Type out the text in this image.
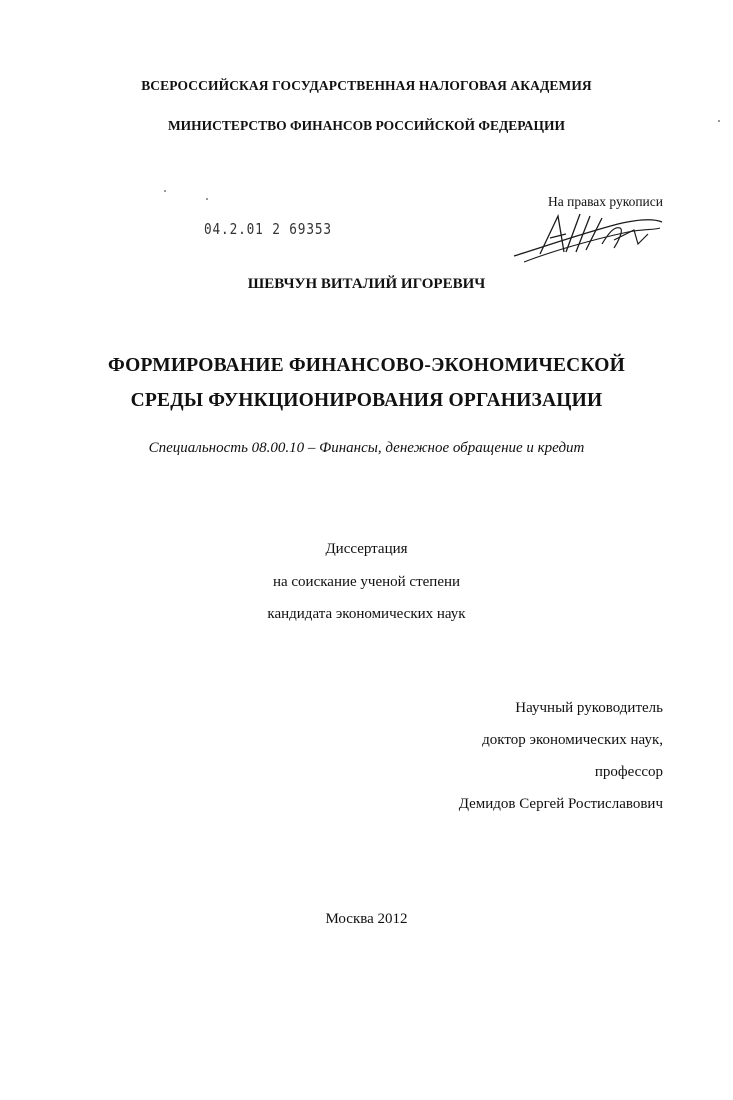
ВСЕРОССИЙСКАЯ ГОСУДАРСТВЕННАЯ НАЛОГОВАЯ АКАДЕМИЯ
МИНИСТЕРСТВО ФИНАНСОВ РОССИЙСКОЙ ФЕДЕРАЦИИ
На правах рукописи
04.2.01 2 69353
ШЕВЧУН ВИТАЛИЙ ИГОРЕВИЧ
ФОРМИРОВАНИЕ ФИНАНСОВО-ЭКОНОМИЧЕСКОЙ
СРЕДЫ ФУНКЦИОНИРОВАНИЯ ОРГАНИЗАЦИИ
Специальность 08.00.10 – Финансы, денежное обращение и кредит
Диссертация
на соискание ученой степени
кандидата экономических наук
Научный руководитель
доктор экономических наук,
профессор
Демидов Сергей Ростиславович
Москва 2012
